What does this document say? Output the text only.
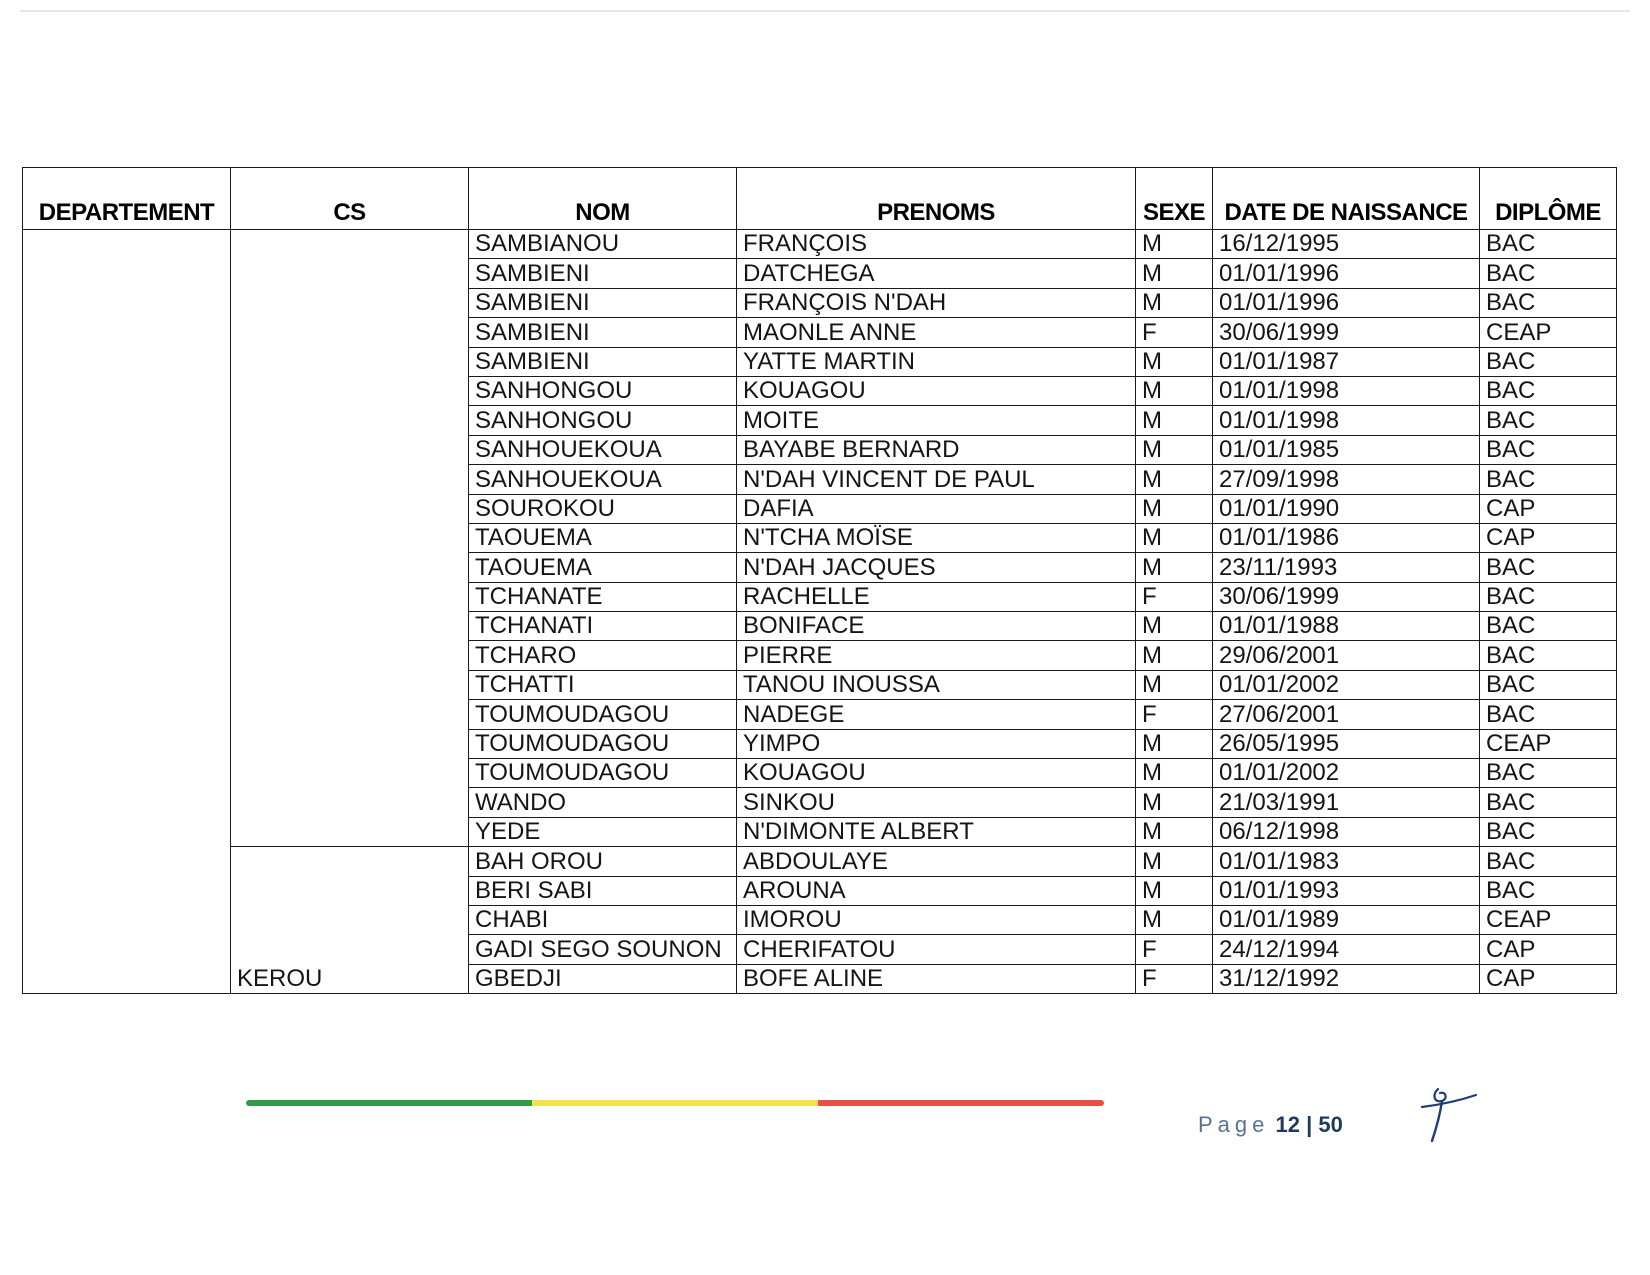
DEPARTEMENT	CS	NOM	PRENOMS	SEXE	DATE DE NAISSANCE	DIPLÔME
		SAMBIANOU	FRANÇOIS	M	16/12/1995	BAC
		SAMBIENI	DATCHEGA	M	01/01/1996	BAC
		SAMBIENI	FRANÇOIS N'DAH	M	01/01/1996	BAC
		SAMBIENI	MAONLE ANNE	F	30/06/1999	CEAP
		SAMBIENI	YATTE MARTIN	M	01/01/1987	BAC
		SANHONGOU	KOUAGOU	M	01/01/1998	BAC
		SANHONGOU	MOITE	M	01/01/1998	BAC
		SANHOUEKOUA	BAYABE BERNARD	M	01/01/1985	BAC
		SANHOUEKOUA	N'DAH VINCENT DE PAUL	M	27/09/1998	BAC
		SOUROKOU	DAFIA	M	01/01/1990	CAP
		TAOUEMA	N'TCHA MOÏSE	M	01/01/1986	CAP
		TAOUEMA	N'DAH JACQUES	M	23/11/1993	BAC
		TCHANATE	RACHELLE	F	30/06/1999	BAC
		TCHANATI	BONIFACE	M	01/01/1988	BAC
		TCHARO	PIERRE	M	29/06/2001	BAC
		TCHATTI	TANOU INOUSSA	M	01/01/2002	BAC
		TOUMOUDAGOU	NADEGE	F	27/06/2001	BAC
		TOUMOUDAGOU	YIMPO	M	26/05/1995	CEAP
		TOUMOUDAGOU	KOUAGOU	M	01/01/2002	BAC
		WANDO	SINKOU	M	21/03/1991	BAC
		YEDE	N'DIMONTE ALBERT	M	06/12/1998	BAC
	KEROU	BAH OROU	ABDOULAYE	M	01/01/1983	BAC
		BERI SABI	AROUNA	M	01/01/1993	BAC
		CHABI	IMOROU	M	01/01/1989	CEAP
		GADI SEGO SOUNON	CHERIFATOU	F	24/12/1994	CAP
		GBEDJI	BOFE ALINE	F	31/12/1992	CAP
Page 12 | 50
